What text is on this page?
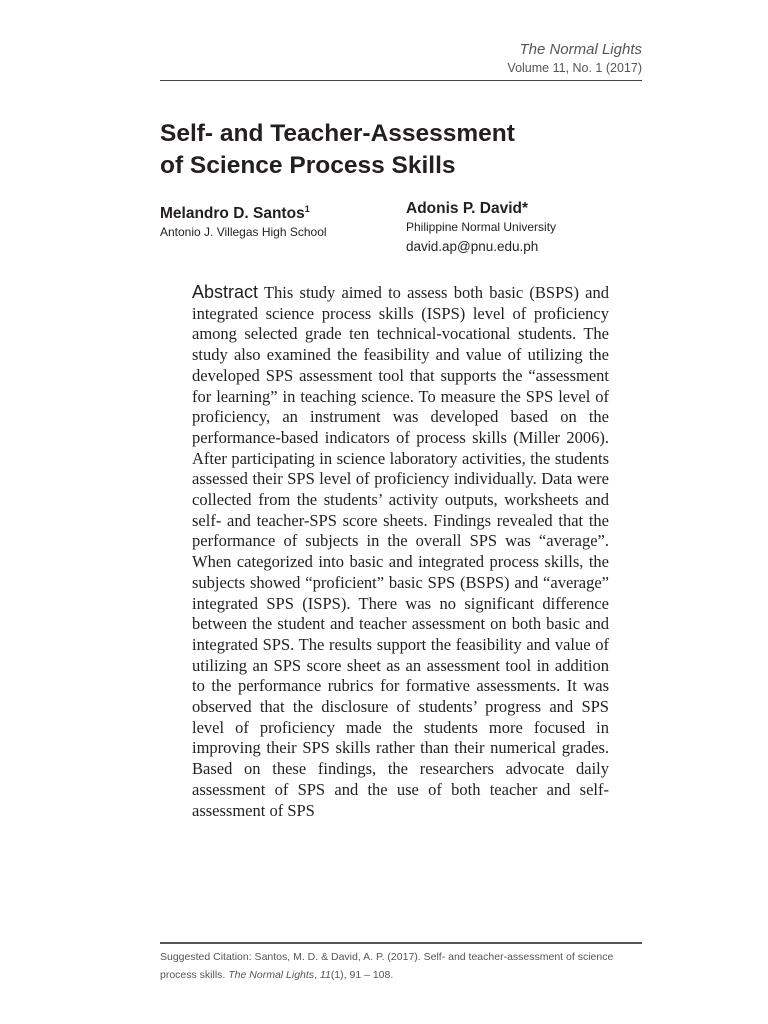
The Normal Lights
Volume 11, No. 1 (2017)
Self- and Teacher-Assessment
of Science Process Skills
Melandro D. Santos$^1$
Antonio J. Villegas High School
Adonis P. David*
Philippine Normal University
david.ap@pnu.edu.ph

Abstract This study aimed to assess both basic (BSPS) and integrated science process skills (ISPS) level of proficiency among selected grade ten technical-vocational students. The study also examined the feasibility and value of utilizing the developed SPS assessment tool that supports the “assessment for learning” in teaching science. To measure the SPS level of proficiency, an instrument was developed based on the performance-based indicators of process skills (Miller 2006). After participating in science laboratory activities, the students assessed their SPS level of proficiency individually. Data were collected from the students’ activity outputs, worksheets and self- and teacher-SPS score sheets. Findings revealed that the performance of subjects in the overall SPS was “average”. When categorized into basic and integrated process skills, the subjects showed “proficient” basic SPS (BSPS) and “average” integrated SPS (ISPS). There was no significant difference between the student and teacher assessment on both basic and integrated SPS. The results support the feasibility and value of utilizing an SPS score sheet as an assessment tool in addition to the performance rubrics for formative assessments. It was observed that the disclosure of students’ progress and SPS level of proficiency made the students more focused in improving their SPS skills rather than their numerical grades. Based on these findings, the researchers advocate daily assessment of SPS and the use of both teacher and self-assessment of SPS

Suggested Citation: Santos, M. D. & David, A. P. (2017). Self- and teacher-assessment of science process skills. The Normal Lights, 11(1), 91 – 108.
